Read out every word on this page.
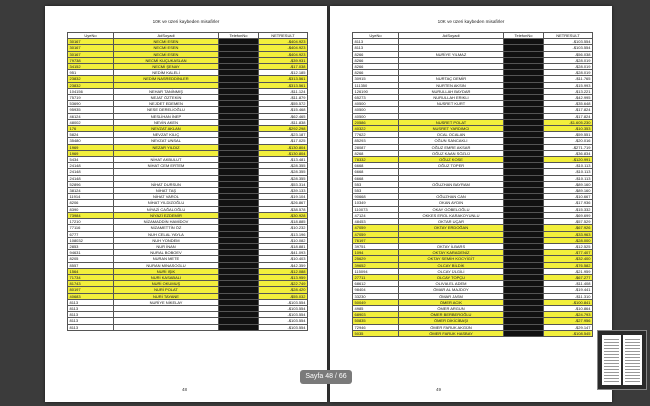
10K ve üzeri kaybeden misafirler
UyeNo	AdSoyadi	TelefonNo	NETRESULT
30167	NECMİ ESEN		-$404.923
30167	NECMİ ESEN		-$404.923
30167	NECMİ ESEN		-$404.923
79738	NECMİ KUÇUKASLAN		-$39.931
34152	NECMİ ŞENAY		-$17.038
951	NEDİM KALELİ		-$12.185
23832	NEDİM NASREDDİNLER		-$313.561
23832			-$313.561
104156	NEHAR TANİNMIŞ		-$11.124
75719	NEJAT ÖZTEKİN		-$11.879
53690	NEJDET EDEMEN		-$55.572
95935	NESE DERELİOĞLU		-$15.468
46124	NESLİHAN İNEP		-$62.465
48002	NEVİN AKEN		-$11.838
176	NEVZAT AKLAN		-$292.298
5824	NEVZAT KILIÇ		-$23.187
35480	NEVZAT UNSAL		-$17.025
1969	NEZAR YILDIZ		-$130.804
1969			-$130.804
5434	NİHAT AKBULUT		-$13.481
24148	NİHAT CEM ERTEM		-$28.355
24148			-$28.355
24148			-$28.355
52896	NİHAT DURSUN		-$53.314
38124	NİHAT TAŞ		-$39.133
11914	NİHAT VAROL		-$19.104
8206	NİHAT YILDIZOĞLU		-$26.867
8390	NİYAZİ CAĞALOĞLU		-$38.578
73984	NİYAZİ EZDEMİR		-$30.928
17210	NİZAMADDİN HAMİDOV		-$18.885
77116	NİZAMETTİN ÖZ		-$10.232
6777	NUH CELAL YAYLA		-$13.196
108032	NUH YONDEM		-$10.082
2853	NUR İNAN		-$18.881
94631	NURAL BOBOEV		-$41.093
8205	NURAN METE		-$10.403
8557	NURAN MINASOGLU		-$42.359
1564	NURİ IŞIK		-$12.088
71734	NURİ KASABALI		-$13.959
81743	NURİ OKUMUŞ		-$22.749
80197	NURİ POLAT		-$28.420
40683	NURİ TAYANE		-$55.032
8113	NURİYE NİKELAY		-$103.554
8113			-$103.554
8113			-$103.554
8113			-$103.554
8113			-$103.554
48
10K ve üzeri kaybeden misafirler
UyeNo	AdSoyadi	TelefonNo	NETRESULT
8113			-$103.554
8113			-$103.554
8266	NURİYE YILMAZ		-$56.038
8266			-$28.019
8266			-$28.019
8266			-$28.019
30915	NURTAÇ DEMİR		-$11.765
111350	NURTEN AKSIN		-$15.993
126190	NURULLAH BAYDAR		-$13.221
65273	NURULLAH ERIKLI		-$42.995
40500	NUSRET KURT		-$35.648
40500			-$17.824
40500			-$17.824
20586	NUSRET POLAT		-$1.605.230
40322	NUSRET YARDIMCI		-$10.353
77622	OCAL OCALAN		-$59.551
85293	OĞUN SANCAKLI		-$20.016
28087	OĞUZ EMRE AKSAR		-$271.719
8268	OĞUZ KAAN SÖZLÜ		-$36.834
78332	OĞUZ KOSE		-$120.991
6668	OĞUZ TOPER		-$10.113
6668			-$10.113
6668			-$10.113
553	OĞUZHAN BAYRAM		-$89.160
553			-$89.160
90668	OĞUZHAN CAN		-$10.667
10349	OKAN AYDIN		-$17.936
110073	OKAY GÖBELOĞLU		-$15.332
47124	OKKES EROL KARAKOYUNLU		-$69.699
48453	OKTAR UÇAR		-$57.529
47059	OKTAY ERDOĞAN		-$67.926
47059			-$33.963
76197			-$28.000
39751	OKTAY İLBARS		-$12.525
1094	OKTAY KARADENİZ		-$77.407
25629	OKTAY SEMİH KOCYİGİT		-$32.400
39652	OLCAY BİLDİK		-$76.582
115094	OLCAY ÜLGİLİ		-$21.959
27711	OLCAY TOPÇU		-$67.277
68612	OLIVIA EL ADEM		-$11.408
98404	ÖMAR AL MAJDOY		-$19.441
33230	ÖMAR JASM		-$11.310
50049	ÖMER ACIK		-$100.841
4985	ÖMER ARGUN		-$10.864
68903	ÖMER BERBEROĞLU		-$24.793
50835	ÖMER DİKİCİBAŞI		-$27.956
72946	ÖMER FARUK AKGÜN		-$29.147
5035	ÖMER FARUK HASBAY		-$108.545
49
Sayfa 48 / 66
